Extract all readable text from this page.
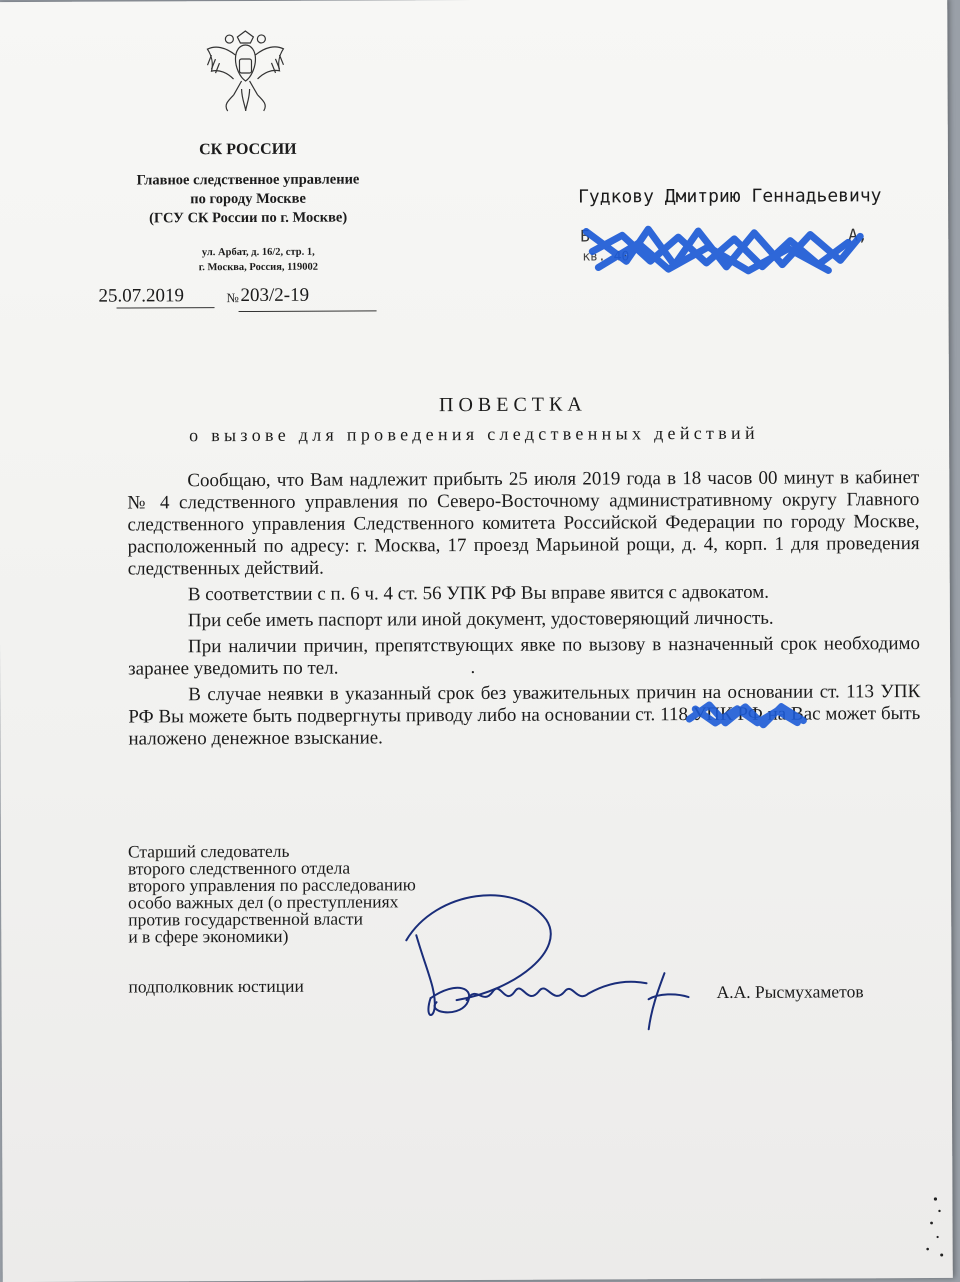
СК РОССИИ
Главное следственное управление
по городу Москве
(ГСУ СК России по г. Москве)
ул. Арбат, д. 16/2, стр. 1,
г. Москва, Россия, 119002
25.07.2019	№ 203/2-19
Гудкову Дмитрию Геннадьевичу
Б	А,
кв. 40
ПОВЕСТКА
о вызове для проведения следственных действий

Сообщаю, что Вам надлежит прибыть 25 июля 2019 года в 18 часов 00 минут в кабинет № 4 следственного управления по Северо-Восточному административному округу Главного следственного управления Следственного комитета Российской Федерации по городу Москве, расположенный по адресу: г. Москва, 17 проезд Марьиной рощи, д. 4, корп. 1 для проведения следственных действий.

В соответствии с п. 6 ч. 4 ст. 56 УПК РФ Вы вправе явится с адвокатом.

При себе иметь паспорт или иной документ, удостоверяющий личность.

При наличии причин, препятствующих явке по вызову в назначенный срок необходимо заранее уведомить по тел.	.

В случае неявки в указанный срок без уважительных причин на основании ст. 113 УПК РФ Вы можете быть подвергнуты приводу либо на основании ст. 118 УПК РФ на Вас может быть наложено денежное взыскание.

Старший следователь
второго следственного отдела
второго управления по расследованию
особо важных дел (о преступлениях
против государственной власти
и в сфере экономики)
подполковник юстиции	А.А. Рысмухаметов
